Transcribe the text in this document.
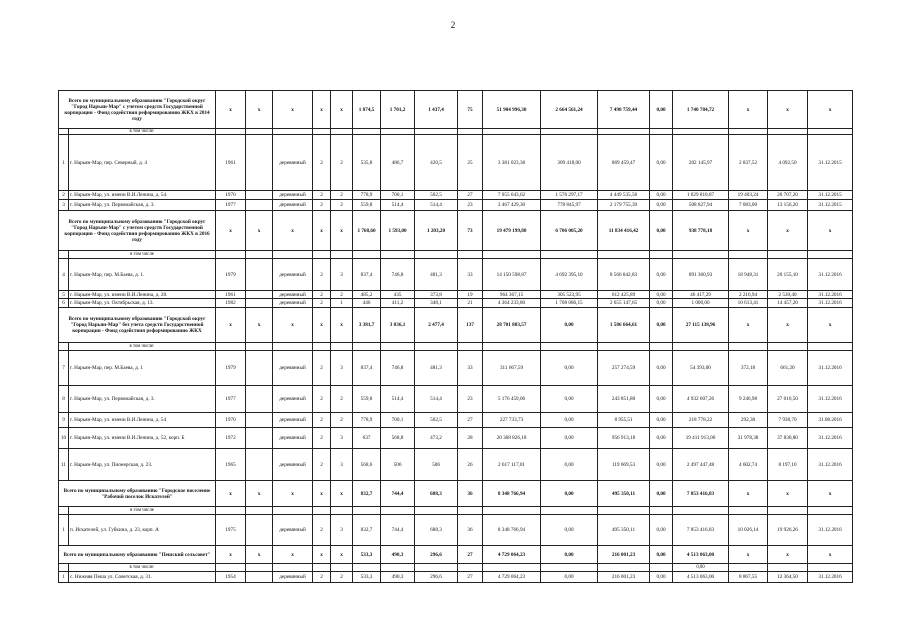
2
Всего по муниципальному образованию "Городской округ "Город Нарьян-Мар" с учетом средств Государственной корпорации - Фонд содействия реформированию ЖКХ в 2014 году		x	x	x	x	x	1 874,5	1 701,2	1 437,4	75	51 904 996,30	2 664 561,24	7 498 759,44	0,00	1 740 784,72	x	x	x
	в том числе:																	
1	г. Нарьян-Мар, пер. Северный, д. 4	1961		деревянный	2	2	535,8	486,7	420,5	25	3 381 023,38	309 418,00	869 459,47	0,00	202 145,97	2 837,52	4 092,50	31.12.2015
2	г. Нарьян-Мар, ул. имени В.И.Ленина, д. 54.	1970		деревянный	2	2	778,9	700,1	502,5	27	7 055 643,62	1 576 297,17	4 449 535,58	0,00	1 029 810,87	19 403,24	20 707,20	31.12.2015
3	г. Нарьян-Мар, ул. Первомайская, д. 3.	1977		деревянный	2	2	559,8	514,4	514,4	23	3 467 429,30	778 845,97	2 179 755,39	0,00	508 827,94	7 083,00	13 156,20	31.12.2015
Всего по муниципальному образованию "Городской округ "Город Нарьян-Мар" с учетом средств Государственной корпорации - Фонд содействия реформированию ЖКХ в 2016 году		x	x	x	x	x	1 768,60	1 593,00	1 203,20	73	19 479 199,80	6 706 005,20	11 834 416,42	0,00	938 778,18	x	x	x
	в том числе																	
4	г. Нарьян-Мар, пер. М.Баева, д. 1.	1979		деревянный	2	3	837,4	746,8	481,3	33	14 150 598,87	4 692 395,10	8 566 842,83	0,00	891 360,93	18 948,31	20 155,10	31.12.2016
5	г. Нарьян-Мар, ул. имени В.И.Ленина, д. 28.	1961		деревянный	2	2	485,2	435	373,8	19	964 367,15	305 523,95	612 425,89	0,00	46 417,29	2 216,94	2 530,40	31.12.2016
6	г. Нарьян-Мар, ул. Октябрьская, д. 13.	1982		деревянный	2	1	446	411,2	348,1	21	4 364 233,80	1 708 086,15	2 655 147,65	0,00	1 000,00	10 613,41	14 457,20	31.12.2016
Всего по муниципальному образованию "Городской округ "Город Нарьян-Мар" без учета средств Государственной корпорации - Фонд содействия реформированию ЖКХ		x	x	x	x	x	3 381,7	3 036,1	2 477,4	137	28 701 803,57	0,00	1 586 664,61	0,00	27 115 138,96	x	x	x
	в том числе:																	
7	г. Нарьян-Мар, пер. М.Баева, д. 1	1979		деревянный	2	3	837,4	746,8	481,3	33	311 667,59	0,00	257 274,59	0,00	54 393,00	372,18	661,20	31.12.2016
8	г. Нарьян-Мар, ул. Первомайская, д. 3.	1977		деревянный	2	2	559,8	514,4	514,4	23	5 176 459,06	0,00	243 851,80	0,00	4 932 607,26	9 246,98	27 016,50	31.12.2016
9	г. Нарьян-Мар, ул. имени В.И.Ленина, д. 54	1970		деревянный	2	2	778,9	700,1	502,5	27	227 733,73	0,00	8 955,51	0,00	218 778,22	292,38	7 938,70	31.08.2016
10	г. Нарьян-Мар, ул. имени В.И.Ленина, д. 52, корп. Б	1972		деревянный	2	3	637	568,8	473,2	28	20 368 826,18	0,00	956 913,18	0,00	19 411 913,00	31 978,38	37 830,80	31.12.2016
11	г. Нарьян-Мар, ул. Пионерская, д. 23.	1965		деревянный	2	3	568,6	506	506	26	2 617 117,01	0,00	119 669,53	0,00	2 497 447,48	4 602,74	8 197,10	31.12.2016
Всего по муниципальному образованию "Городское поселение "Рабочий поселок Искателей"		x	x	x	x	x	832,7	744,4	688,3	36	8 348 766,94	0,00	495 350,11	0,00	7 853 416,83	x	x	x
	в том числе																	
1	п. Искателей, ул. Губкина, д. 23, корп. А	1975		деревянный	2	3	832,7	744,4	688,3	36	8 348 766,94	0,00	495 350,11	0,00	7 853 416,83	10 026,14	19 926,26	31.12.2016
Всего по муниципальному образованию "Пешский сельсовет"		x	x	x	x	x	533,3	490,3	296,6	27	4 729 064,23	0,00	216 001,23	0,00	4 513 063,00	x	x	x
	в том числе:														0,00			
1	с. Нижняя Пеша ул. Советская, д. 31.	1954		деревянный	2	2	533,3	490,3	296,6	27	4 729 064,23	0,00	216 001,23	0,00	4 513 063,00	8 867,55	12 364,50	31.12.2016
